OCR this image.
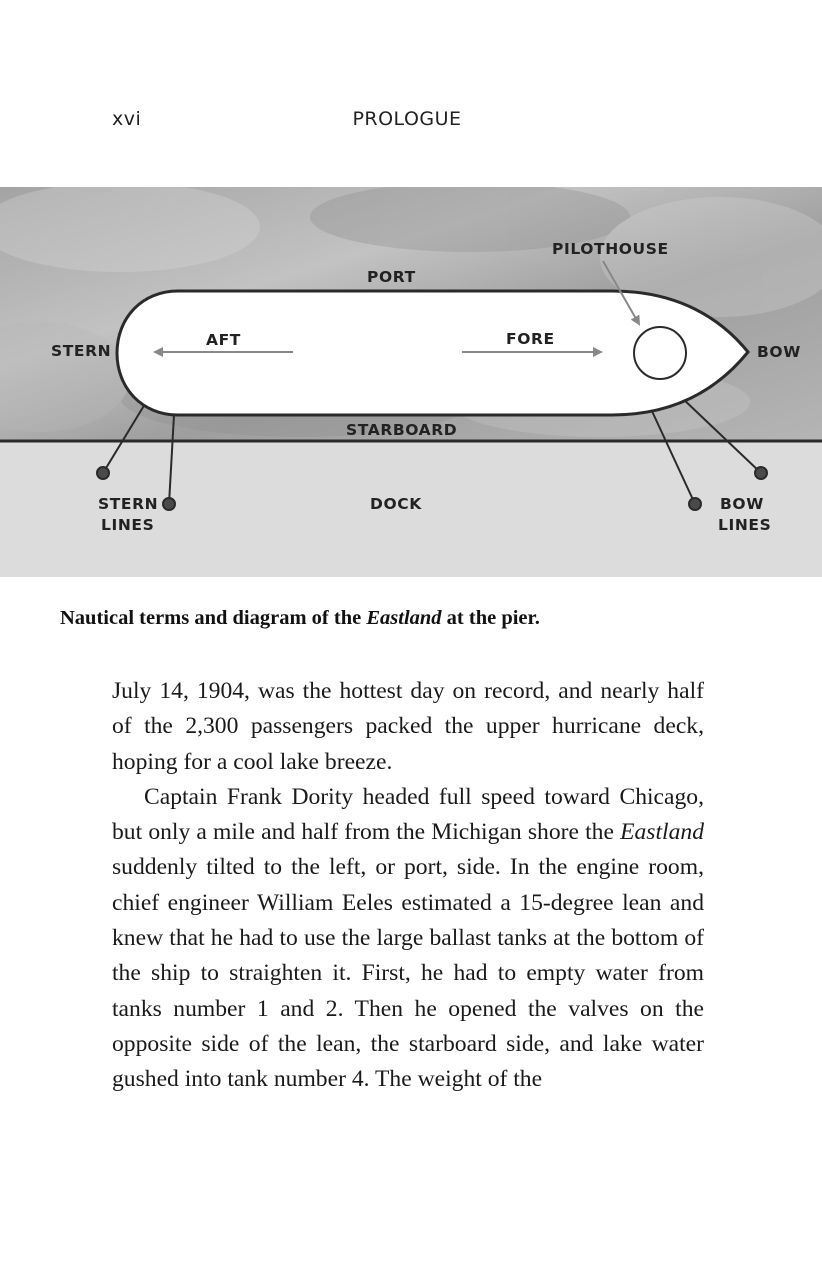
xvi	PROLOGUE
STERN	BOW
PORT
STARBOARD
AFT	FORE
PILOTHOUSE
DOCK
STERN
LINES
BOW
LINES
Nautical terms and diagram of the Eastland at the pier.

July 14, 1904, was the hottest day on record, and nearly half of the 2,300 passengers packed the upper hurricane deck, hoping for a cool lake breeze.

Captain Frank Dority headed full speed toward Chicago, but only a mile and half from the Michigan shore the Eastland suddenly tilted to the left, or port, side. In the engine room, chief engineer William Eeles estimated a 15-degree lean and knew that he had to use the large ballast tanks at the bottom of the ship to straighten it. First, he had to empty water from tanks number 1 and 2. Then he opened the valves on the opposite side of the lean, the starboard side, and lake water gushed into tank number 4. The weight of the
